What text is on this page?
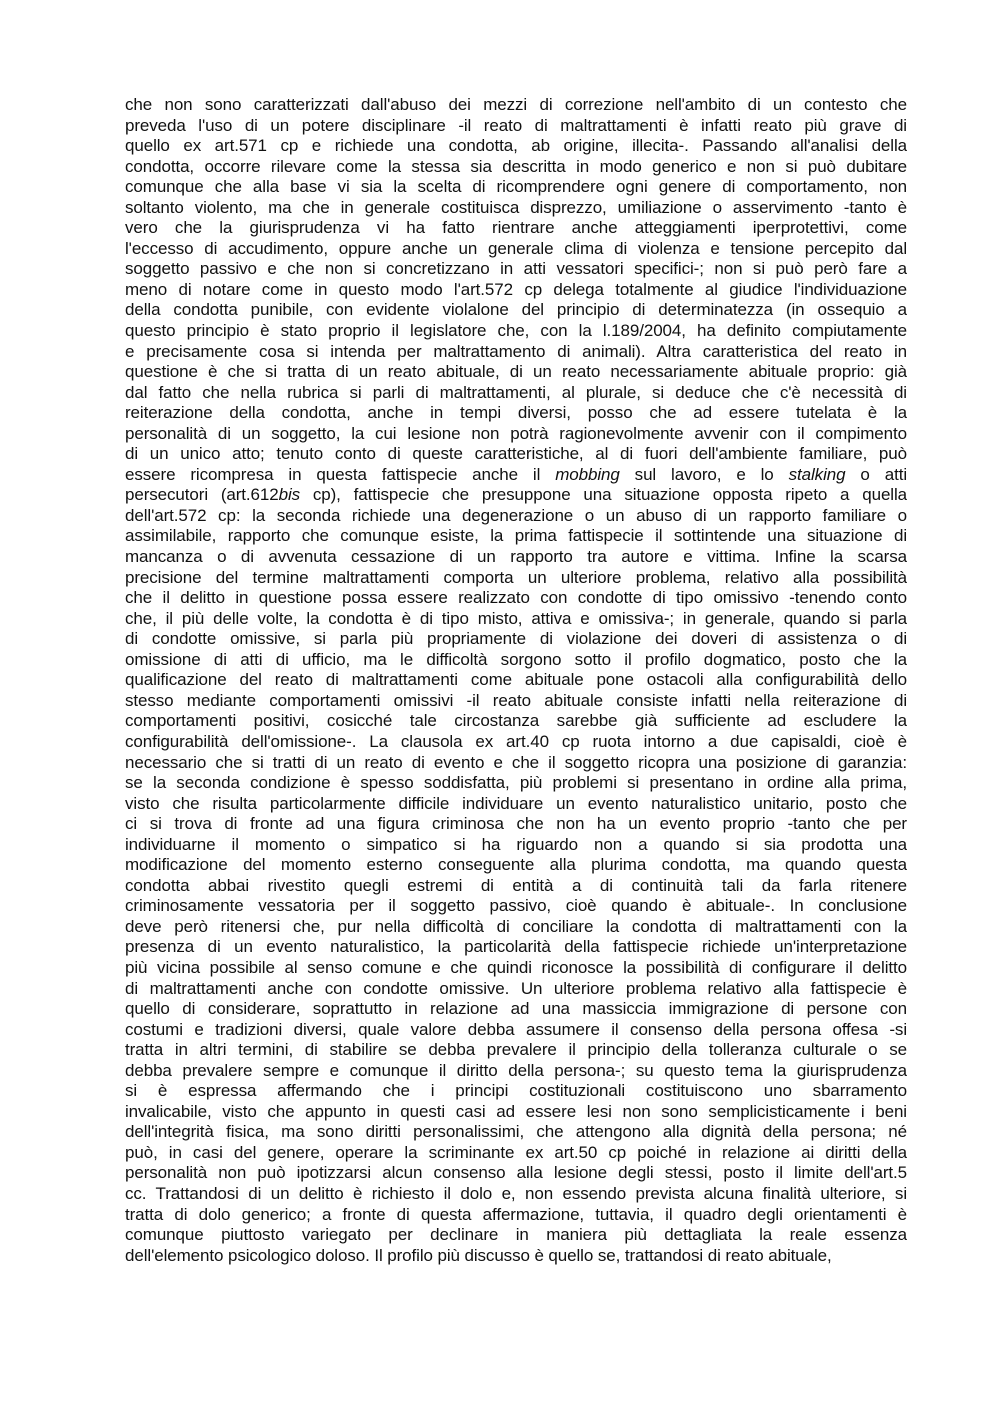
che non sono caratterizzati dall'abuso dei mezzi di correzione nell'ambito di un contesto che
preveda l'uso di un potere disciplinare -il reato di maltrattamenti è infatti reato più grave di
quello ex art.571 cp e richiede una condotta, ab origine, illecita-. Passando all'analisi della
condotta, occorre rilevare come la stessa sia descritta in modo generico e non si può dubitare
comunque che alla base vi sia la scelta di ricomprendere ogni genere di comportamento, non
soltanto violento, ma che in generale costituisca disprezzo, umiliazione o asservimento -tanto è
vero che la giurisprudenza vi ha fatto rientrare anche atteggiamenti iperprotettivi, come
l'eccesso di accudimento, oppure anche un generale clima di violenza e tensione percepito dal
soggetto passivo e che non si concretizzano in atti vessatori specifici-; non si può però fare a
meno di notare come in questo modo l'art.572 cp delega totalmente al giudice l'individuazione
della condotta punibile, con evidente violalone del principio di determinatezza (in ossequio a
questo principio è stato proprio il legislatore che, con la l.189/2004, ha definito compiutamente
e precisamente cosa si intenda per maltrattamento di animali). Altra caratteristica del reato in
questione è che si tratta di un reato abituale, di un reato necessariamente abituale proprio: già
dal fatto che nella rubrica si parli di maltrattamenti, al plurale, si deduce che c'è necessità di
reiterazione della condotta, anche in tempi diversi, posso che ad essere tutelata è la
personalità di un soggetto, la cui lesione non potrà ragionevolmente avvenir con il compimento
di un unico atto; tenuto conto di queste caratteristiche, al di fuori dell'ambiente familiare, può
essere ricompresa in questa fattispecie anche il mobbing sul lavoro, e lo stalking o atti
persecutori (art.612bis cp), fattispecie che presuppone una situazione opposta ripeto a quella
dell'art.572 cp: la seconda richiede una degenerazione o un abuso di un rapporto familiare o
assimilabile, rapporto che comunque esiste, la prima fattispecie il sottintende una situazione di
mancanza o di avvenuta cessazione di un rapporto tra autore e vittima. Infine la scarsa
precisione del termine maltrattamenti comporta un ulteriore problema, relativo alla possibilità
che il delitto in questione possa essere realizzato con condotte di tipo omissivo -tenendo conto
che, il più delle volte, la condotta è di tipo misto, attiva e omissiva-; in generale, quando si parla
di condotte omissive, si parla più propriamente di violazione dei doveri di assistenza o di
omissione di atti di ufficio, ma le difficoltà sorgono sotto il profilo dogmatico, posto che la
qualificazione del reato di maltrattamenti come abituale pone ostacoli alla configurabilità dello
stesso mediante comportamenti omissivi -il reato abituale consiste infatti nella reiterazione di
comportamenti positivi, cosicché tale circostanza sarebbe già sufficiente ad escludere la
configurabilità dell'omissione-. La clausola ex art.40 cp ruota intorno a due capisaldi, cioè è
necessario che si tratti di un reato di evento e che il soggetto ricopra una posizione di garanzia:
se la seconda condizione è spesso soddisfatta, più problemi si presentano in ordine alla prima,
visto che risulta particolarmente difficile individuare un evento naturalistico unitario, posto che
ci si trova di fronte ad una figura criminosa che non ha un evento proprio -tanto che per
individuarne il momento o simpatico si ha riguardo non a quando si sia prodotta una
modificazione del momento esterno conseguente alla plurima condotta, ma quando questa
condotta abbai rivestito quegli estremi di entità a di continuità tali da farla ritenere
criminosamente vessatoria per il soggetto passivo, cioè quando è abituale-. In conclusione
deve però ritenersi che, pur nella difficoltà di conciliare la condotta di maltrattamenti con la
presenza di un evento naturalistico, la particolarità della fattispecie richiede un'interpretazione
più vicina possibile al senso comune e che quindi riconosce la possibilità di configurare il delitto
di maltrattamenti anche con condotte omissive. Un ulteriore problema relativo alla fattispecie è
quello di considerare, soprattutto in relazione ad una massiccia immigrazione di persone con
costumi e tradizioni diversi, quale valore debba assumere il consenso della persona offesa -si
tratta in altri termini, di stabilire se debba prevalere il principio della tolleranza culturale o se
debba prevalere sempre e comunque il diritto della persona-; su questo tema la giurisprudenza
si è espressa affermando che i principi costituzionali costituiscono uno sbarramento
invalicabile, visto che appunto in questi casi ad essere lesi non sono semplicisticamente i beni
dell'integrità fisica, ma sono diritti personalissimi, che attengono alla dignità della persona; né
può, in casi del genere, operare la scriminante ex art.50 cp poiché in relazione ai diritti della
personalità non può ipotizzarsi alcun consenso alla lesione degli stessi, posto il limite dell'art.5
cc. Trattandosi di un delitto è richiesto il dolo e, non essendo prevista alcuna finalità ulteriore, si
tratta di dolo generico; a fronte di questa affermazione, tuttavia, il quadro degli orientamenti è
comunque piuttosto variegato per declinare in maniera più dettagliata la reale essenza
dell'elemento psicologico doloso. Il profilo più discusso è quello se, trattandosi di reato abituale,
